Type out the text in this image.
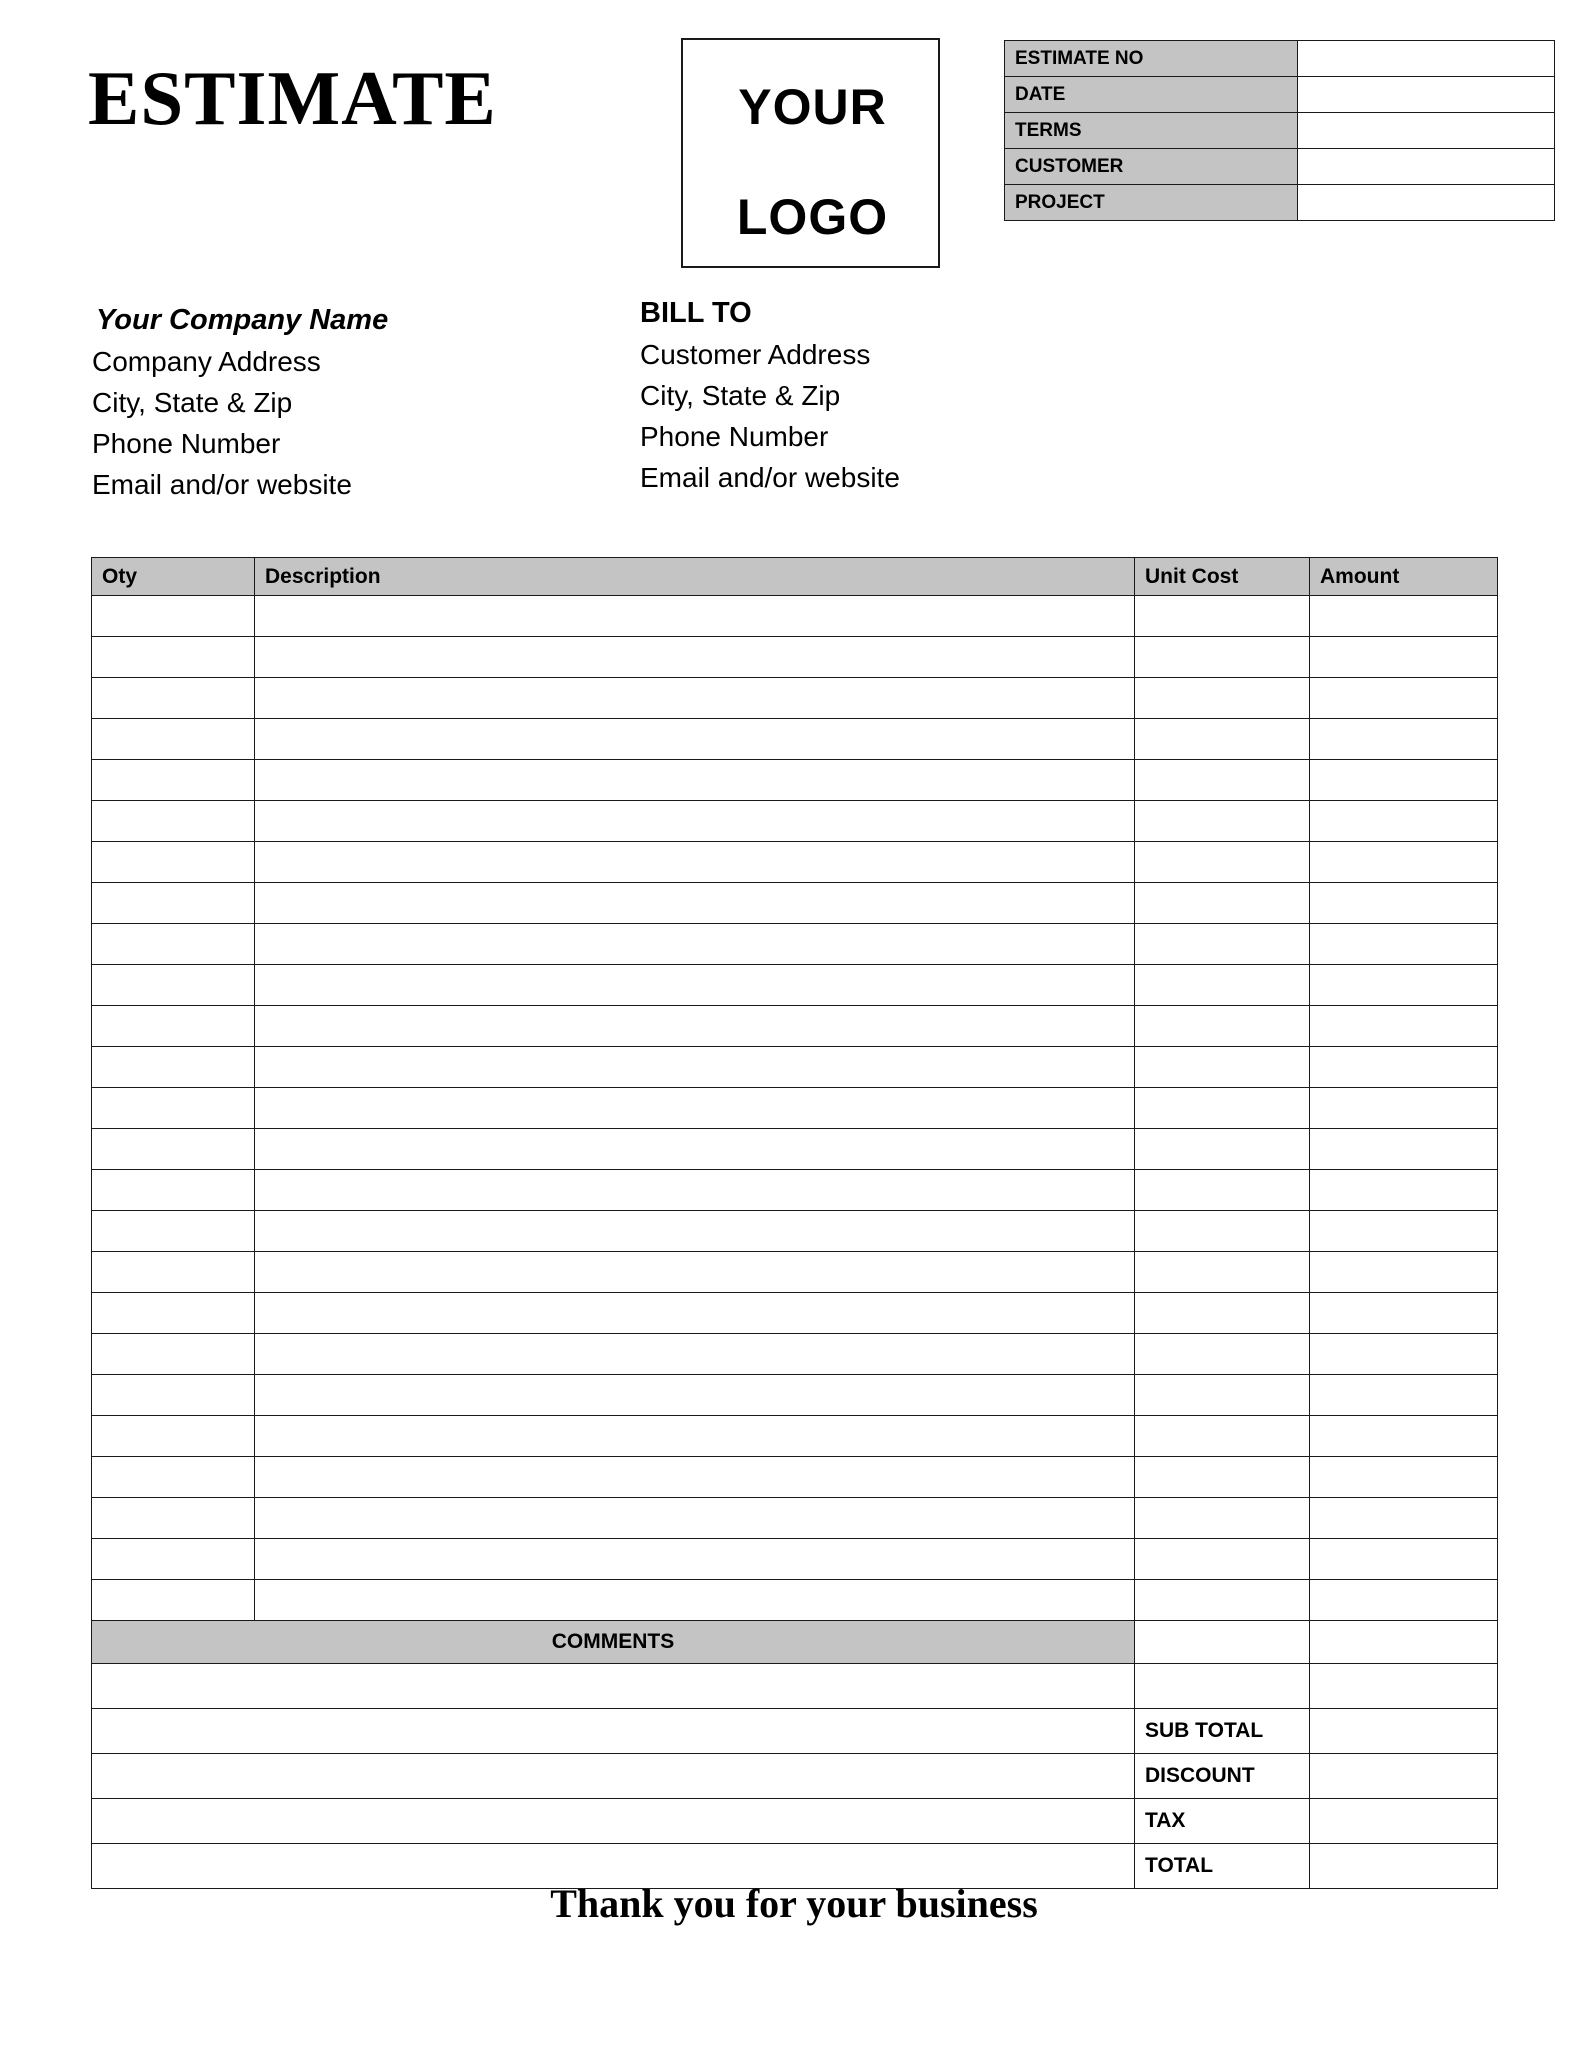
ESTIMATE	YOUR
LOGO
ESTIMATE NO	
DATE	
TERMS	
CUSTOMER	
PROJECT	
Your Company Name
Company Address
City, State & Zip
Phone Number
Email and/or website
BILL TO
Customer Address
City, State & Zip
Phone Number
Email and/or website
Oty	Description	Unit Cost	Amount

COMMENTS			

		SUB TOTAL	
		DISCOUNT	
		TAX	
		TOTAL	
Thank you for your business
